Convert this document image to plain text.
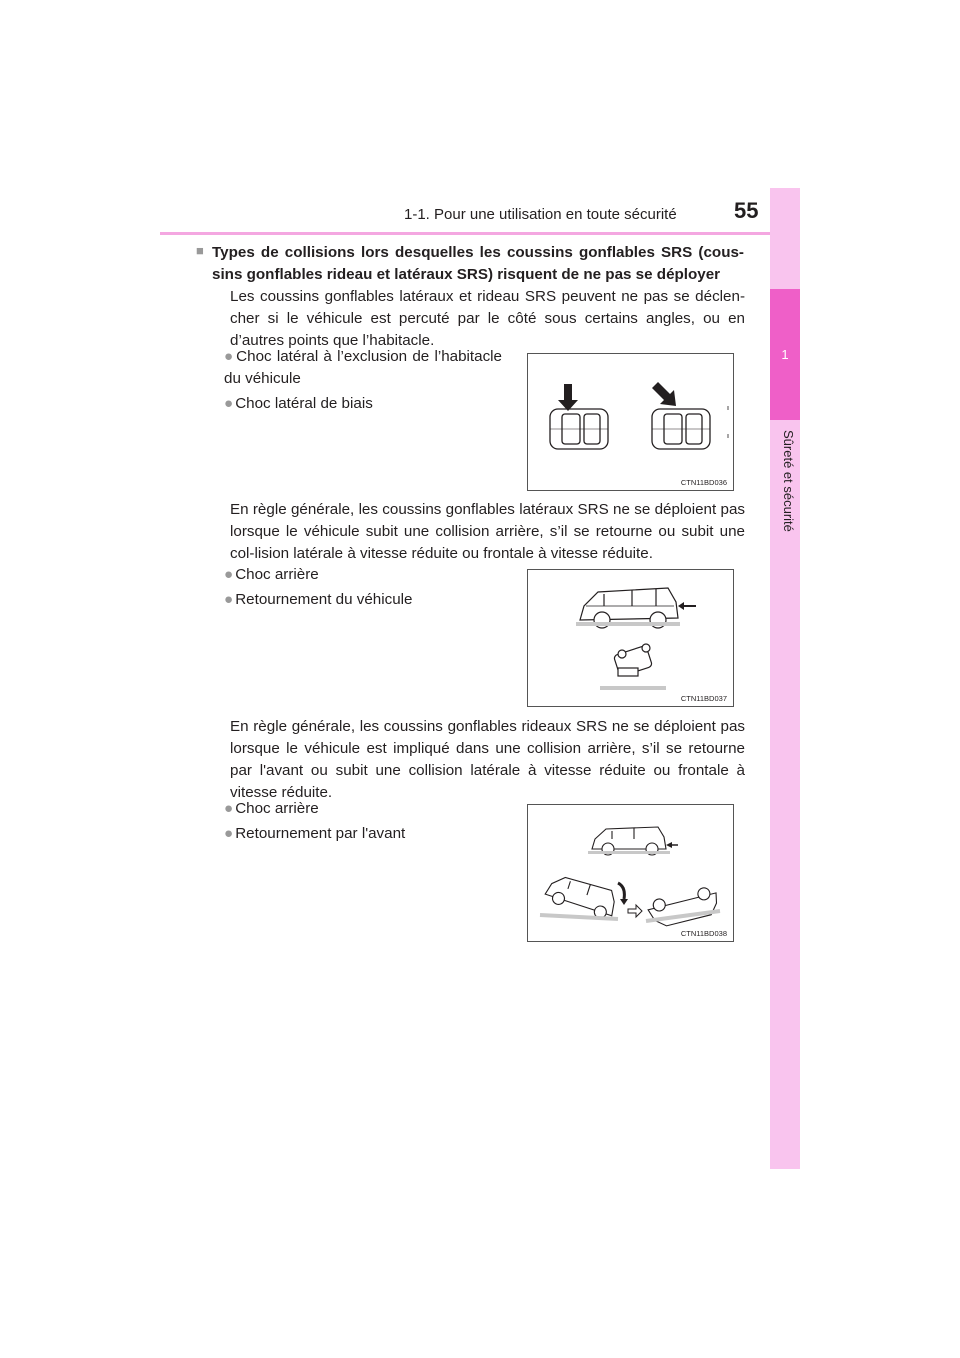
1-1. Pour une utilisation en toute sécurité	55
1
Sûreté et sécurité
■ Types de collisions lors desquelles les coussins gonflables SRS (cous-sins gonflables rideau et latéraux SRS) risquent de ne pas se déployer
Les coussins gonflables latéraux et rideau SRS peuvent ne pas se déclen-cher si le véhicule est percuté par le côté sous certains angles, ou en d’autres points que l’habitacle.
● Choc latéral à l’exclusion de l’habitacle du véhicule
● Choc latéral de biais
CTN11BD036
En règle générale, les coussins gonflables latéraux SRS ne se déploient pas lorsque le véhicule subit une collision arrière, s’il se retourne ou subit une col-lision latérale à vitesse réduite ou frontale à vitesse réduite.
● Choc arrière
● Retournement du véhicule
CTN11BD037
En règle générale, les coussins gonflables rideaux SRS ne se déploient pas lorsque le véhicule est impliqué dans une collision arrière, s’il se retourne par l'avant ou subit une collision latérale à vitesse réduite ou frontale à vitesse réduite.
● Choc arrière
● Retournement par l'avant
CTN11BD038
